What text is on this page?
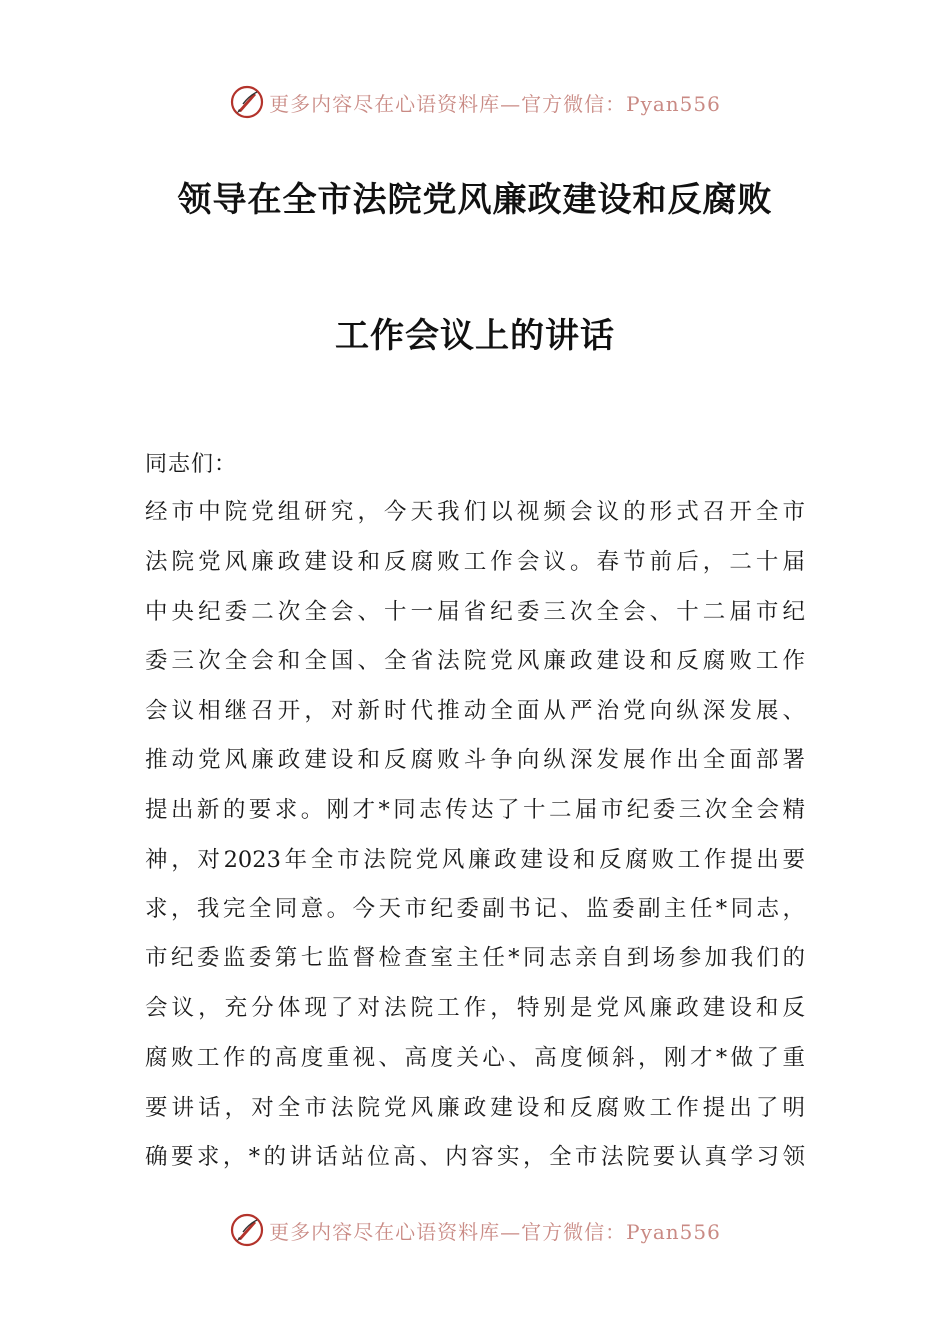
更多内容尽在心语资料库—官方微信：Pyan556
领导在全市法院党风廉政建设和反腐败
工作会议上的讲话
同志们：
经市中院党组研究，今天我们以视频会议的形式召开全市
法院党风廉政建设和反腐败工作会议。春节前后，二十届
中央纪委二次全会、十一届省纪委三次全会、十二届市纪
委三次全会和全国、全省法院党风廉政建设和反腐败工作
会议相继召开，对新时代推动全面从严治党向纵深发展、
推动党风廉政建设和反腐败斗争向纵深发展作出全面部署
提出新的要求。刚才*同志传达了十二届市纪委三次全会精
神，对2023年全市法院党风廉政建设和反腐败工作提出要
求，我完全同意。今天市纪委副书记、监委副主任*同志，
市纪委监委第七监督检查室主任*同志亲自到场参加我们的
会议，充分体现了对法院工作，特别是党风廉政建设和反
腐败工作的高度重视、高度关心、高度倾斜，刚才*做了重
要讲话，对全市法院党风廉政建设和反腐败工作提出了明
确要求，*的讲话站位高、内容实，全市法院要认真学习领
更多内容尽在心语资料库—官方微信：Pyan556
